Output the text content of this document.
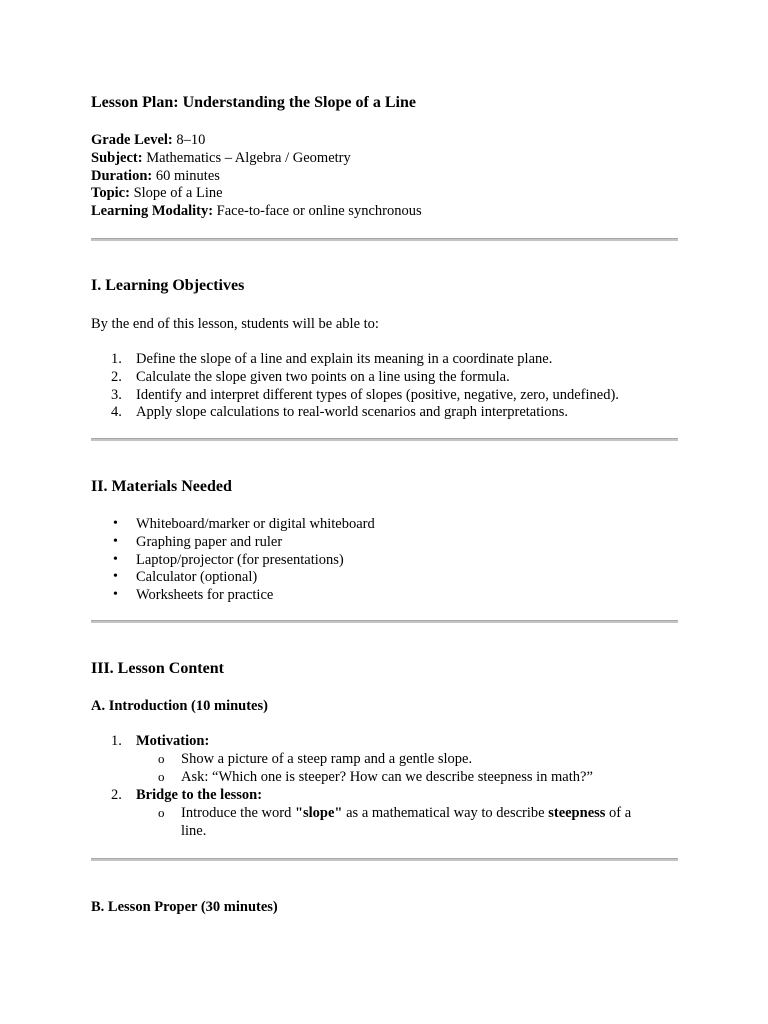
Lesson Plan: Understanding the Slope of a Line
Grade Level: 8–10
Subject: Mathematics – Algebra / Geometry
Duration: 60 minutes
Topic: Slope of a Line
Learning Modality: Face-to-face or online synchronous
I. Learning Objectives

By the end of this lesson, students will be able to:

1. Define the slope of a line and explain its meaning in a coordinate plane.
2. Calculate the slope given two points on a line using the formula.
3. Identify and interpret different types of slopes (positive, negative, zero, undefined).
4. Apply slope calculations to real-world scenarios and graph interpretations.
II. Materials Needed
• Whiteboard/marker or digital whiteboard
• Graphing paper and ruler
• Laptop/projector (for presentations)
• Calculator (optional)
• Worksheets for practice
III. Lesson Content
A. Introduction (10 minutes)
1. Motivation:
o Show a picture of a steep ramp and a gentle slope.
o Ask: “Which one is steeper? How can we describe steepness in math?”
2. Bridge to the lesson:
o Introduce the word "slope" as a mathematical way to describe steepness of a line.
B. Lesson Proper (30 minutes)
